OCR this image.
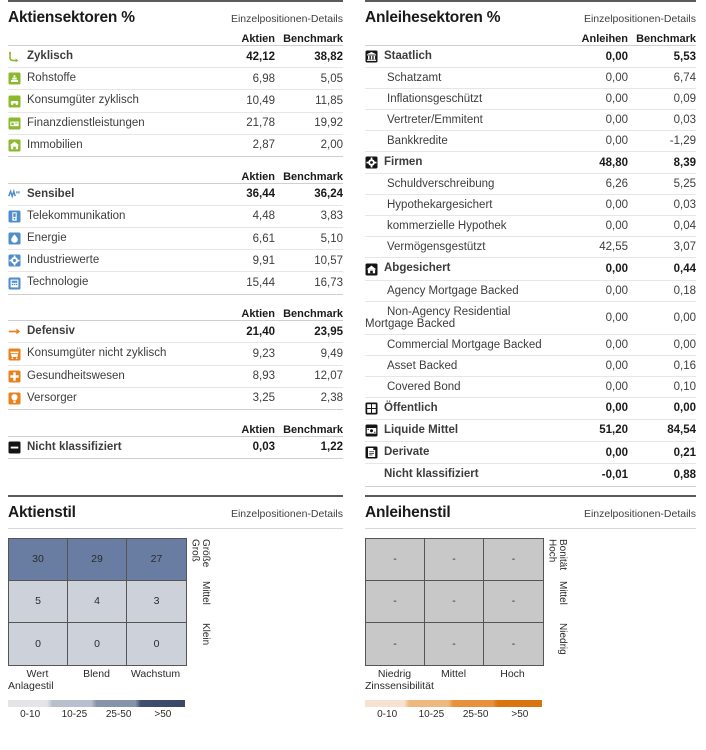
Aktiensektoren %	Einzelpositionen-Details
	Aktien	Benchmark

Zyklisch	42,12	38,82

Rohstoffe	6,98	5,05

Konsumgüter zyklisch	10,49	11,85

Finanzdienstleistungen	21,78	19,92

Immobilien	2,87	2,00

	Aktien	Benchmark

Sensibel	36,44	36,24

Telekommunikation	4,48	3,83

Energie	6,61	5,10

Industriewerte	9,91	10,57

Technologie	15,44	16,73

	Aktien	Benchmark

Defensiv	21,40	23,95

Konsumgüter nicht zyklisch	9,23	9,49

Gesundheitswesen	8,93	12,07

Versorger	3,25	2,38

	Aktien	Benchmark

Nicht klassifiziert	0,03	1,22
Anleihesektoren %	Einzelpositionen-Details
	Anleihen	Benchmark

Staatlich	0,00	5,53
Schatzamt	0,00	6,74
Inflationsgeschützt	0,00	0,09
Vertreter/Emmitent	0,00	0,03
Bankkredite	0,00	-1,29

Firmen	48,80	8,39
Schuldverschreibung	6,26	5,25
Hypothekargesichert	0,00	0,03
kommerzielle Hypothek	0,00	0,04
Vermögensgestützt	42,55	3,07

Abgesichert	0,00	0,44
Agency Mortgage Backed	0,00	0,18
Non-Agency Residential Mortgage Backed	0,00	0,00
Commercial Mortgage Backed	0,00	0,00
Asset Backed	0,00	0,16
Covered Bond	0,00	0,10

Öffentlich	0,00	0,00

Liquide Mittel	51,20	84,54

Derivate	0,00	0,21

Nicht klassifiziert	-0,01	0,88
Aktienstil	Einzelpositionen-Details
30	29	27
5	4	3
0	0	0
Wert	Blend	Wachstum
Anlagestil
Größe
Groß
Mittel
Klein
0-10	10-25	25-50	>50
Anleihenstil	Einzelpositionen-Details
-	-	-
-	-	-
-	-	-
Niedrig	Mittel	Hoch
Zinssensibilität
Bonität
Hoch
Mittel
Niedrig
0-10	10-25	25-50	>50
